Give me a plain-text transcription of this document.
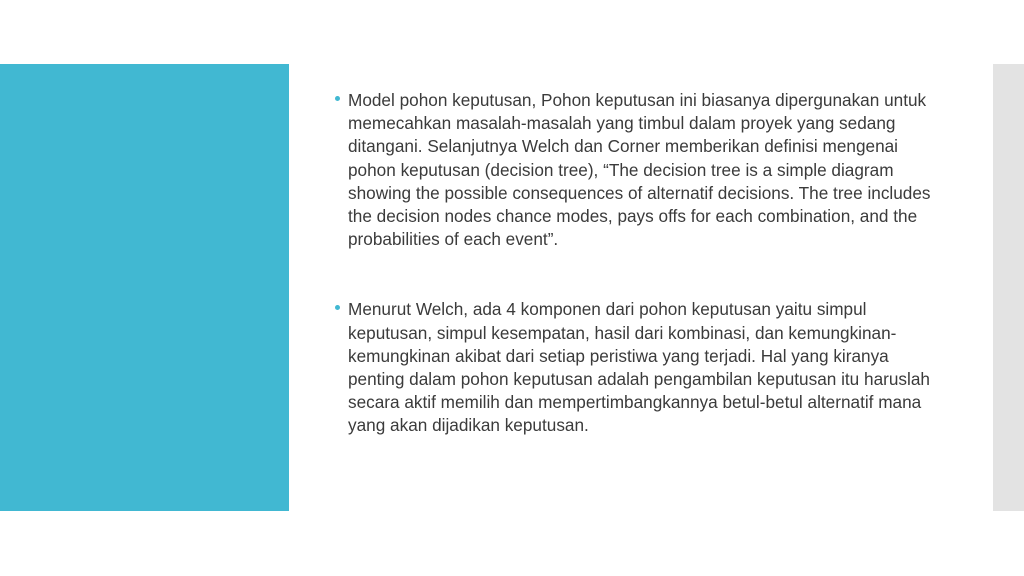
Model pohon keputusan, Pohon keputusan ini biasanya dipergunakan untuk memecahkan masalah-masalah yang timbul dalam proyek yang sedang ditangani. Selanjutnya Welch dan Corner memberikan definisi mengenai pohon keputusan (decision tree), “The decision tree is a simple diagram showing the possible consequences of alternatif decisions. The tree includes the decision nodes chance modes, pays offs for each combination, and the probabilities of each event”.
Menurut Welch, ada 4 komponen dari pohon keputusan yaitu simpul keputusan, simpul kesempatan, hasil dari kombinasi, dan kemungkinan-kemungkinan akibat dari setiap peristiwa yang terjadi. Hal yang kiranya penting dalam pohon keputusan adalah pengambilan keputusan itu haruslah secara aktif memilih dan mempertimbangkannya betul-betul alternatif mana yang akan dijadikan keputusan.
